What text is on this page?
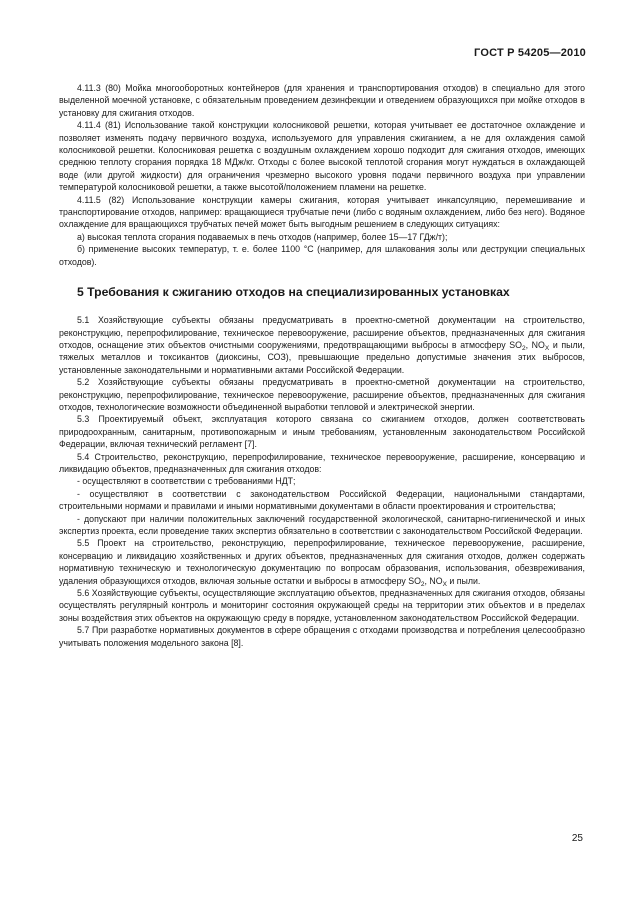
ГОСТ Р 54205—2010

4.11.3 (80) Мойка многооборотных контейнеров (для хранения и транспортирования отходов) в специально для этого выделенной моечной установке, с обязательным проведением дезинфекции и отведением образующихся при мойке отходов в установку для сжигания отходов.

4.11.4 (81) Использование такой конструкции колосниковой решетки, которая учитывает ее достаточное охлаждение и позволяет изменять подачу первичного воздуха, используемого для управления сжиганием, а не для охлаждения самой колосниковой решетки. Колосниковая решетка с воздушным охлаждением хорошо подходит для сжигания отходов, имеющих среднюю теплоту сгорания порядка 18 МДж/кг. Отходы с более высокой теплотой сгорания могут нуждаться в охлаждающей воде (или другой жидкости) для ограничения чрезмерно высокого уровня подачи первичного воздуха при управлении температурой колосниковой решетки, а также высотой/положением пламени на решетке.

4.11.5 (82) Использование конструкции камеры сжигания, которая учитывает инкапсуляцию, перемешивание и транспортирование отходов, например: вращающиеся трубчатые печи (либо с водяным охлаждением, либо без него). Водяное охлаждение для вращающихся трубчатых печей может быть выгодным решением в следующих ситуациях:

а) высокая теплота сгорания подаваемых в печь отходов (например, более 15—17 ГДж/т);

б) применение высоких температур, т. е. более 1100 °С (например, для шлакования золы или деструкции специальных отходов).

5 Требования к сжиганию отходов на специализированных установках

5.1 Хозяйствующие субъекты обязаны предусматривать в проектно-сметной документации на строительство, реконструкцию, перепрофилирование, техническое перевооружение, расширение объектов, предназначенных для сжигания отходов, оснащение этих объектов очистными сооружениями, предотвращающими выбросы в атмосферу $SO_2$, $NO_X$ и пыли, тяжелых металлов и токсикантов (диоксины, СОЗ), превышающие предельно допустимые значения этих выбросов, установленные законодательными и нормативными актами Российской Федерации.

5.2 Хозяйствующие субъекты обязаны предусматривать в проектно-сметной документации на строительство, реконструкцию, перепрофилирование, техническое перевооружение, расширение объектов, предназначенных для сжигания отходов, технологические возможности объединенной выработки тепловой и электрической энергии.

5.3 Проектируемый объект, эксплуатация которого связана со сжиганием отходов, должен соответствовать природоохранным, санитарным, противопожарным и иным требованиям, установленным законодательством Российской Федерации, включая технический регламент [7].

5.4 Строительство, реконструкцию, перепрофилирование, техническое перевооружение, расширение, консервацию и ликвидацию объектов, предназначенных для сжигания отходов:

- осуществляют в соответствии с требованиями НДТ;

- осуществляют в соответствии с законодательством Российской Федерации, национальными стандартами, строительными нормами и правилами и иными нормативными документами в области проектирования и строительства;

- допускают при наличии положительных заключений государственной экологической, санитарно-гигиенической и иных экспертиз проекта, если проведение таких экспертиз обязательно в соответствии с законодательством Российской Федерации.

5.5 Проект на строительство, реконструкцию, перепрофилирование, техническое перевооружение, расширение, консервацию и ликвидацию хозяйственных и других объектов, предназначенных для сжигания отходов, должен содержать нормативную техническую и технологическую документацию по вопросам образования, использования, обезвреживания, удаления образующихся отходов, включая зольные остатки и выбросы в атмосферу $SO_2$, $NO_X$ и пыли.

5.6 Хозяйствующие субъекты, осуществляющие эксплуатацию объектов, предназначенных для сжигания отходов, обязаны осуществлять регулярный контроль и мониторинг состояния окружающей среды на территории этих объектов и в пределах зоны воздействия этих объектов на окружающую среду в порядке, установленном законодательством Российской Федерации.

5.7 При разработке нормативных документов в сфере обращения с отходами производства и потребления целесообразно учитывать положения модельного закона [8].

25
